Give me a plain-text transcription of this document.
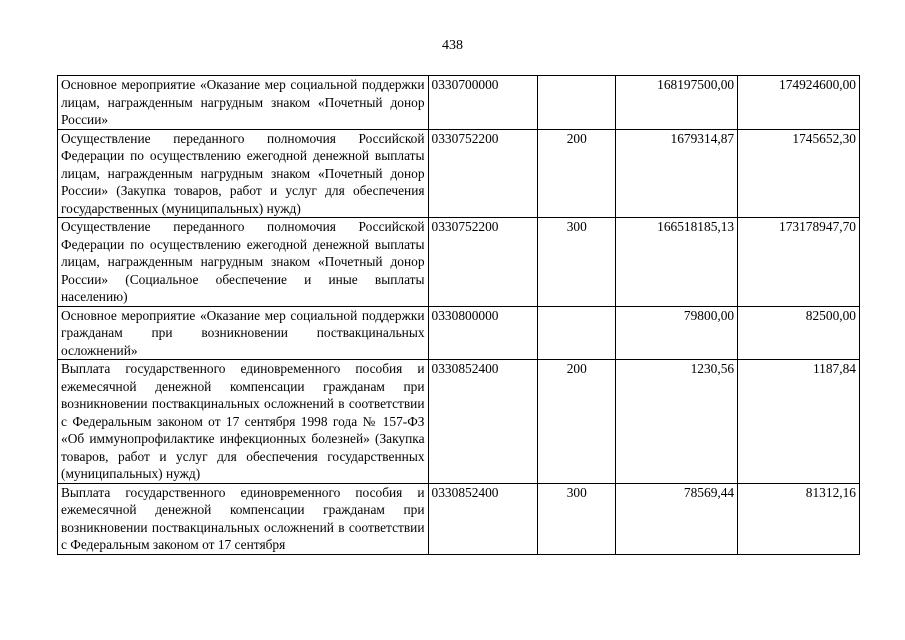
438
Основное мероприятие «Оказание мер социальной поддержки лицам, награжденным нагрудным знаком «Почетный донор России»	0330700000		168197500,00	174924600,00
Осуществление переданного полномочия Российской Федерации по осуществлению ежегодной денежной выплаты лицам, награжденным нагрудным знаком «Почетный донор России» (Закупка товаров, работ и услуг для обеспечения государственных (муниципальных) нужд)	0330752200	200	1679314,87	1745652,30
Осуществление переданного полномочия Российской Федерации по осуществлению ежегодной денежной выплаты лицам, награжденным нагрудным знаком «Почетный донор России» (Социальное обеспечение и иные выплаты населению)	0330752200	300	166518185,13	173178947,70
Основное мероприятие «Оказание мер социальной поддержки гражданам при возникновении поствакцинальных осложнений»	0330800000		79800,00	82500,00
Выплата государственного единовременного пособия и ежемесячной денежной компенсации гражданам при возникновении поствакцинальных осложнений в соответствии с Федеральным законом от 17 сентября 1998 года № 157-ФЗ «Об иммунопрофилактике инфекционных болезней» (Закупка товаров, работ и услуг для обеспечения государственных (муниципальных) нужд)	0330852400	200	1230,56	1187,84
Выплата государственного единовременного пособия и ежемесячной денежной компенсации гражданам при возникновении поствакцинальных осложнений в соответствии с Федеральным законом от 17 сентября	0330852400	300	78569,44	81312,16
